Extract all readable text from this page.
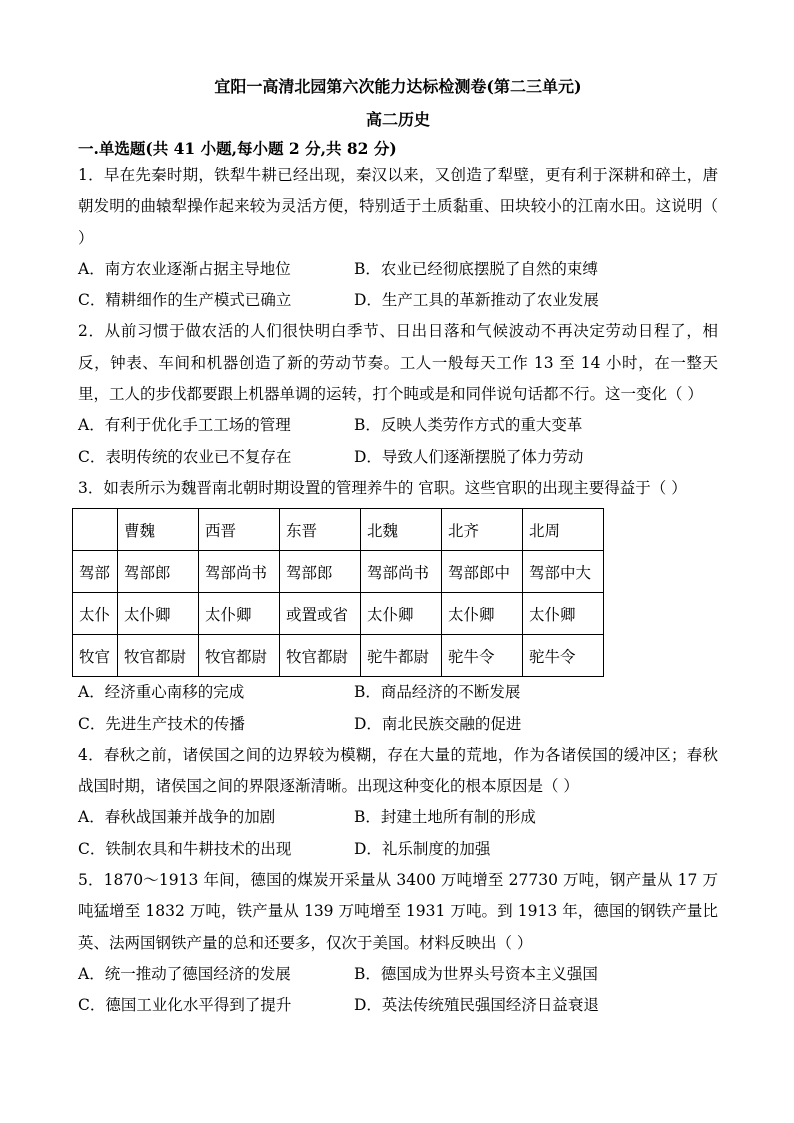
宜阳一高清北园第六次能力达标检测卷(第二三单元)
高二历史
一.单选题(共 41 小题,每小题 2 分,共 82 分)
1．早在先秦时期，铁犁牛耕已经出现，秦汉以来，又创造了犁壁，更有利于深耕和碎土，唐朝发明的曲辕犁操作起来较为灵活方便，特别适于土质黏重、田块较小的江南水田。这说明（ ）
A．南方农业逐渐占据主导地位	B．农业已经彻底摆脱了自然的束缚
C．精耕细作的生产模式已确立	D．生产工具的革新推动了农业发展
2．从前习惯于做农活的人们很快明白季节、日出日落和气候波动不再决定劳动日程了，相反，钟表、车间和机器创造了新的劳动节奏。工人一般每天工作 13 至 14 小时，在一整天里，工人的步伐都要跟上机器单调的运转，打个盹或是和同伴说句话都不行。这一变化（ ）
A．有利于优化手工工场的管理	B．反映人类劳作方式的重大变革
C．表明传统的农业已不复存在	D．导致人们逐渐摆脱了体力劳动
3．如表所示为魏晋南北朝时期设置的管理养牛的 官职。这些官职的出现主要得益于（ ）
	曹魏	西晋	东晋	北魏	北齐	北周
驾部	驾部郎	驾部尚书	驾部郎	驾部尚书	驾部郎中	驾部中大
太仆	太仆卿	太仆卿	或置或省	太仆卿	太仆卿	太仆卿
牧官	牧官都尉	牧官都尉	牧官都尉	驼牛都尉	驼牛令	驼牛令
A．经济重心南移的完成	B．商品经济的不断发展
C．先进生产技术的传播	D．南北民族交融的促进
4．春秋之前，诸侯国之间的边界较为模糊，存在大量的荒地，作为各诸侯国的缓冲区；春秋战国时期，诸侯国之间的界限逐渐清晰。出现这种变化的根本原因是（ ）
A．春秋战国兼并战争的加剧	B．封建土地所有制的形成
C．铁制农具和牛耕技术的出现	D．礼乐制度的加强
5．1870～1913 年间，德国的煤炭开采量从 3400 万吨增至 27730 万吨，钢产量从 17 万吨猛增至 1832 万吨，铁产量从 139 万吨增至 1931 万吨。到 1913 年，德国的钢铁产量比英、法两国钢铁产量的总和还要多，仅次于美国。材料反映出（ ）
A．统一推动了德国经济的发展	B．德国成为世界头号资本主义强国
C．德国工业化水平得到了提升	D．英法传统殖民强国经济日益衰退
